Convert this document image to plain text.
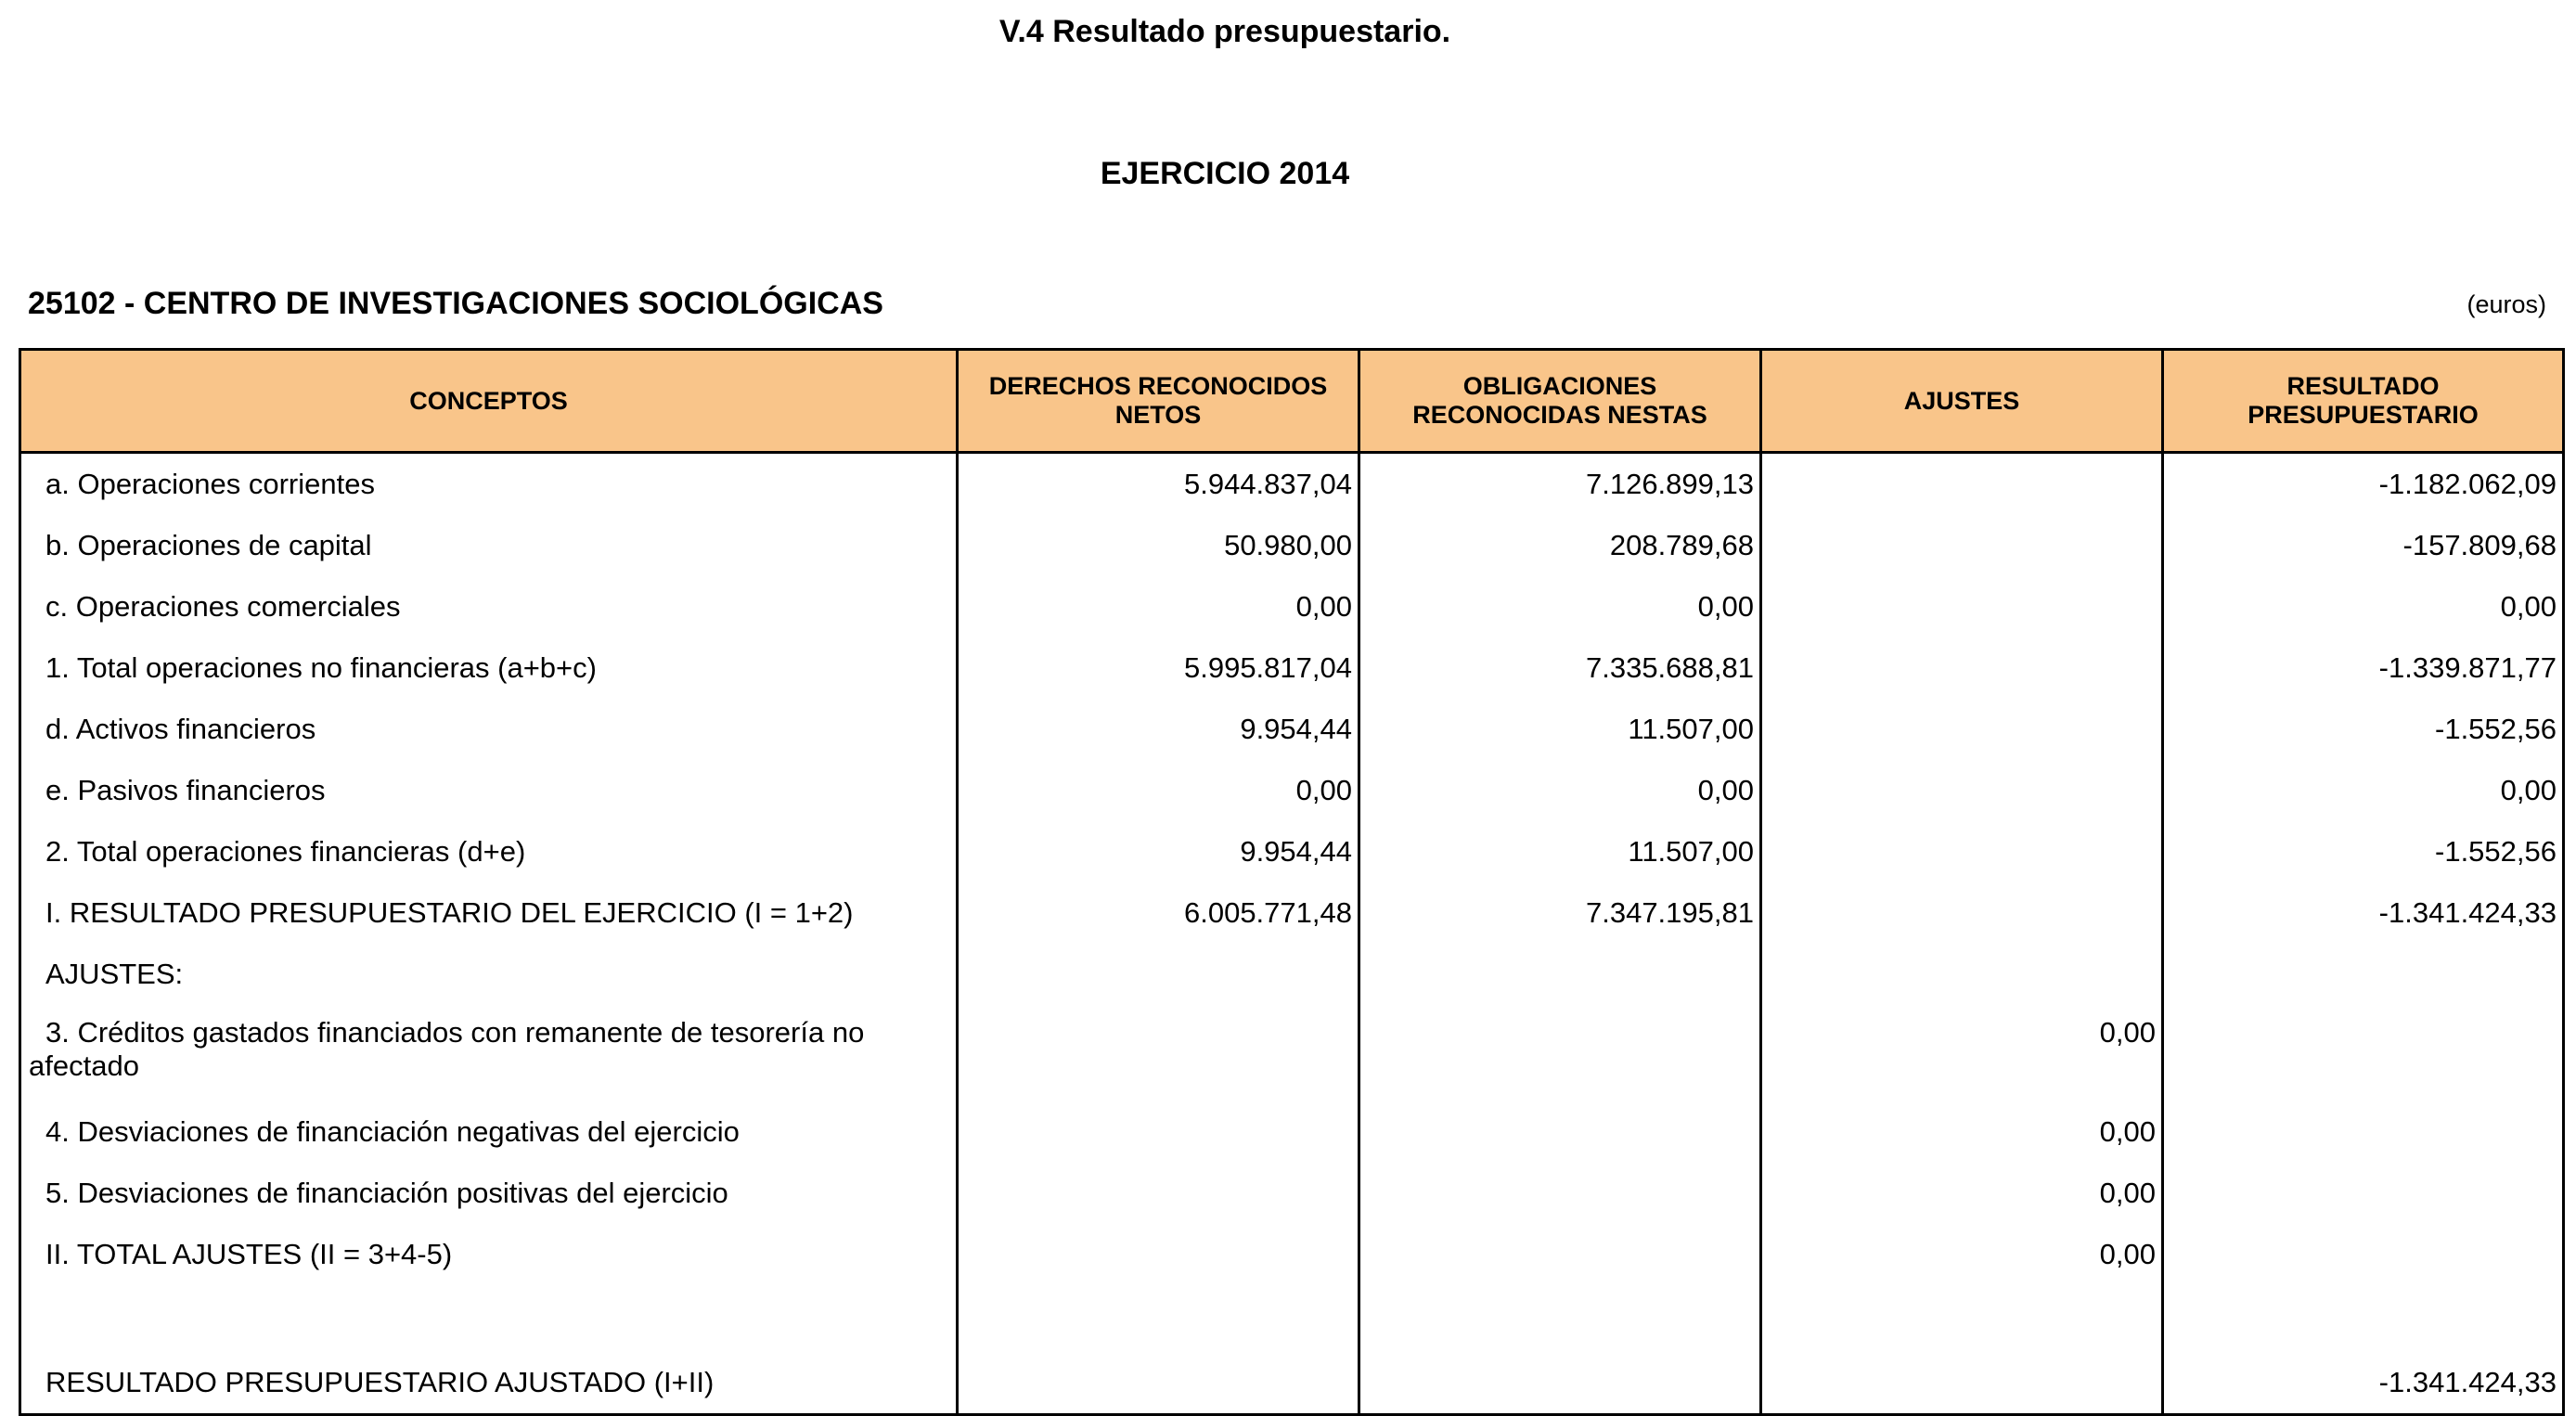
V.4 Resultado presupuestario.
EJERCICIO 2014
25102 - CENTRO DE INVESTIGACIONES SOCIOLÓGICAS	(euros)
CONCEPTOS	DERECHOS RECONOCIDOS NETOS	OBLIGACIONES RECONOCIDAS NESTAS	AJUSTES	RESULTADO PRESUPUESTARIO
a. Operaciones corrientes	5.944.837,04	7.126.899,13		-1.182.062,09
b. Operaciones de capital	50.980,00	208.789,68		-157.809,68
c. Operaciones comerciales	0,00	0,00		0,00
1. Total operaciones no financieras (a+b+c)	5.995.817,04	7.335.688,81		-1.339.871,77
d. Activos financieros	9.954,44	11.507,00		-1.552,56
e. Pasivos financieros	0,00	0,00		0,00
2. Total operaciones financieras (d+e)	9.954,44	11.507,00		-1.552,56
I. RESULTADO PRESUPUESTARIO DEL EJERCICIO (I = 1+2)	6.005.771,48	7.347.195,81		-1.341.424,33
AJUSTES:				
3. Créditos gastados financiados con remanente de tesorería no afectado			0,00	
4. Desviaciones de financiación negativas del ejercicio			0,00	
5. Desviaciones de financiación positivas del ejercicio			0,00	
II. TOTAL AJUSTES (II = 3+4-5)			0,00	

RESULTADO PRESUPUESTARIO AJUSTADO (I+II)				-1.341.424,33
